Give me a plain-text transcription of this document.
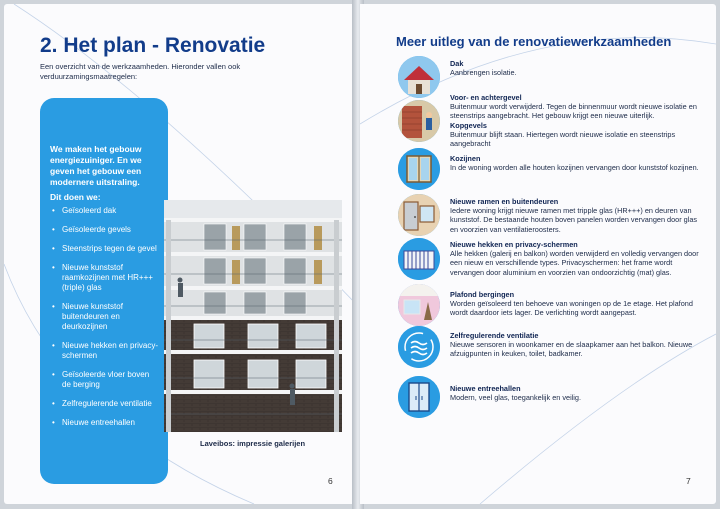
2. Het plan - Renovatie

Een overzicht van de werkzaamheden. Hieronder vallen ook verduurzamingsmaatregelen:

We maken het gebouw energiezuiniger. En we geven het gebouw een modernere uitstraling.

Dit doen we:

• Geïsoleerd dak
• Geïsoleerde gevels
• Steenstrips tegen de gevel
• Nieuwe kunststof raamkozijnen met HR+++ (triple) glas
• Nieuwe kunststof buitendeuren en deurkozijnen
• Nieuwe hekken en privacy-schermen
• Geïsoleerde vloer boven de berging
• Zelfregulerende ventilatie
• Nieuwe entreehallen

Laveibos: impressie galerijen

6

Meer uitleg van de renovatiewerkzaamheden

Dak

Aanbrengen isolatie.

Voor- en achtergevel

Buitenmuur wordt verwijderd. Tegen de binnenmuur wordt nieuwe isolatie en steenstrips aangebracht. Het gebouw krijgt een nieuwe uiterlijk.

Kopgevels

Buitenmuur blijft staan. Hiertegen wordt nieuwe isolatie en steenstrips aangebracht

Kozijnen

In de woning worden alle houten kozijnen vervangen door kunststof kozijnen.

Nieuwe ramen en buitendeuren

Iedere woning krijgt nieuwe ramen met tripple glas (HR+++) en deuren van kunststof. De bestaande houten boven panelen worden vervangen door glas en voorzien van ventilatieroosters.

Nieuwe hekken en privacy-schermen

Alle hekken (galerij en balkon) worden verwijderd en volledig vervangen door een nieuw en verschillende types. Privacyschermen: het frame wordt vervangen door aluminium en voorzien van ondoorzichtig (mat) glas.

Plafond bergingen

Worden geïsoleerd ten behoeve van woningen op de 1e etage. Het plafond wordt daardoor iets lager. De verlichting wordt aangepast.

Zelfregulerende ventilatie

Nieuwe sensoren in woonkamer en de slaapkamer aan het balkon. Nieuwe afzuigpunten in keuken, toilet, badkamer.

Nieuwe entreehallen

Modern, veel glas, toegankelijk en veilig.

7
